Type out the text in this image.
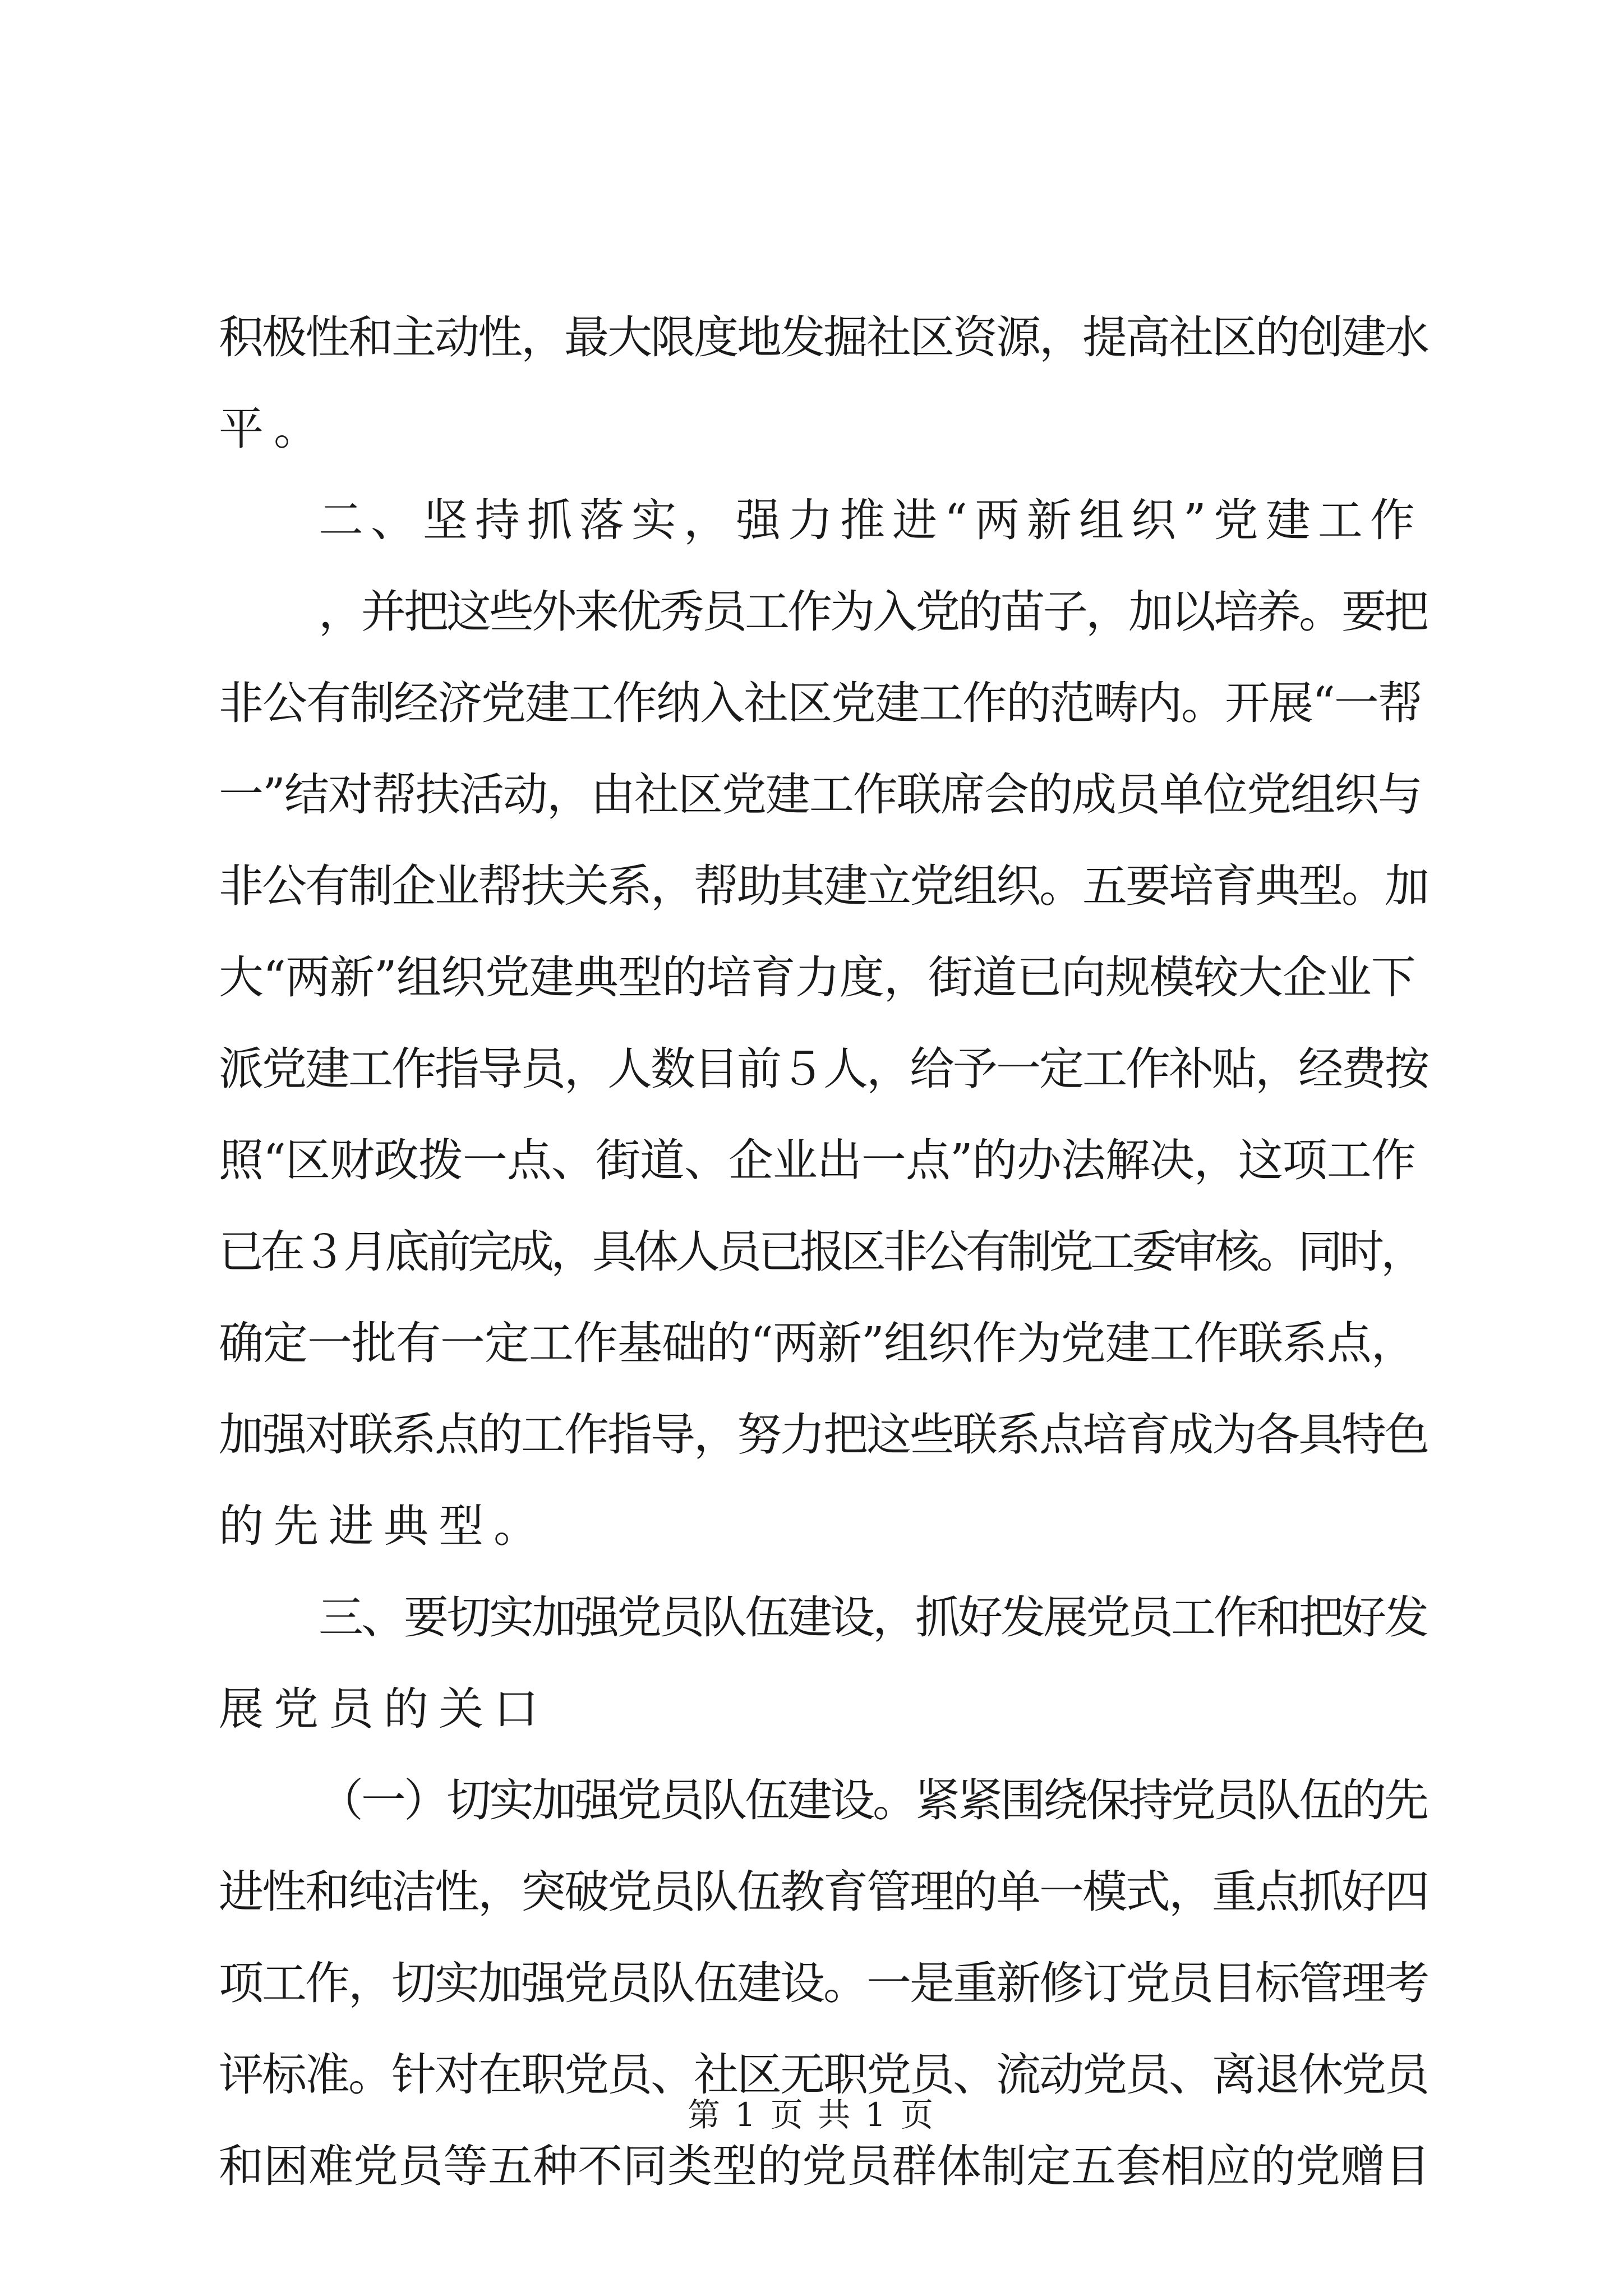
积极性和主动性，最大限度地发掘社区资源，提高社区的创建水
平。
二、坚持抓落实，强力推进“两新组织”党建工作
，并把这些外来优秀员工作为入党的苗子，加以培养。要把
非公有制经济党建工作纳入社区党建工作的范畴内。开展“一帮
一”结对帮扶活动，由社区党建工作联席会的成员单位党组织与
非公有制企业帮扶关系，帮助其建立党组织。五要培育典型。加
大“两新”组织党建典型的培育力度，街道已向规模较大企业下
派党建工作指导员，人数目前５人，给予一定工作补贴，经费按
照“区财政拨一点、街道、企业出一点”的办法解决，这项工作
已在３月底前完成，具体人员已报区非公有制党工委审核。同时，
确定一批有一定工作基础的“两新”组织作为党建工作联系点，
加强对联系点的工作指导，努力把这些联系点培育成为各具特色
的先进典型。
三、要切实加强党员队伍建设，抓好发展党员工作和把好发
展党员的关口
（一）切实加强党员队伍建设。紧紧围绕保持党员队伍的先
进性和纯洁性，突破党员队伍教育管理的单一模式，重点抓好四
项工作，切实加强党员队伍建设。一是重新修订党员目标管理考
评标准。针对在职党员、社区无职党员、流动党员、离退休党员
和困难党员等五种不同类型的党员群体制定五套相应的党赠目
第 1 页 共 1 页
